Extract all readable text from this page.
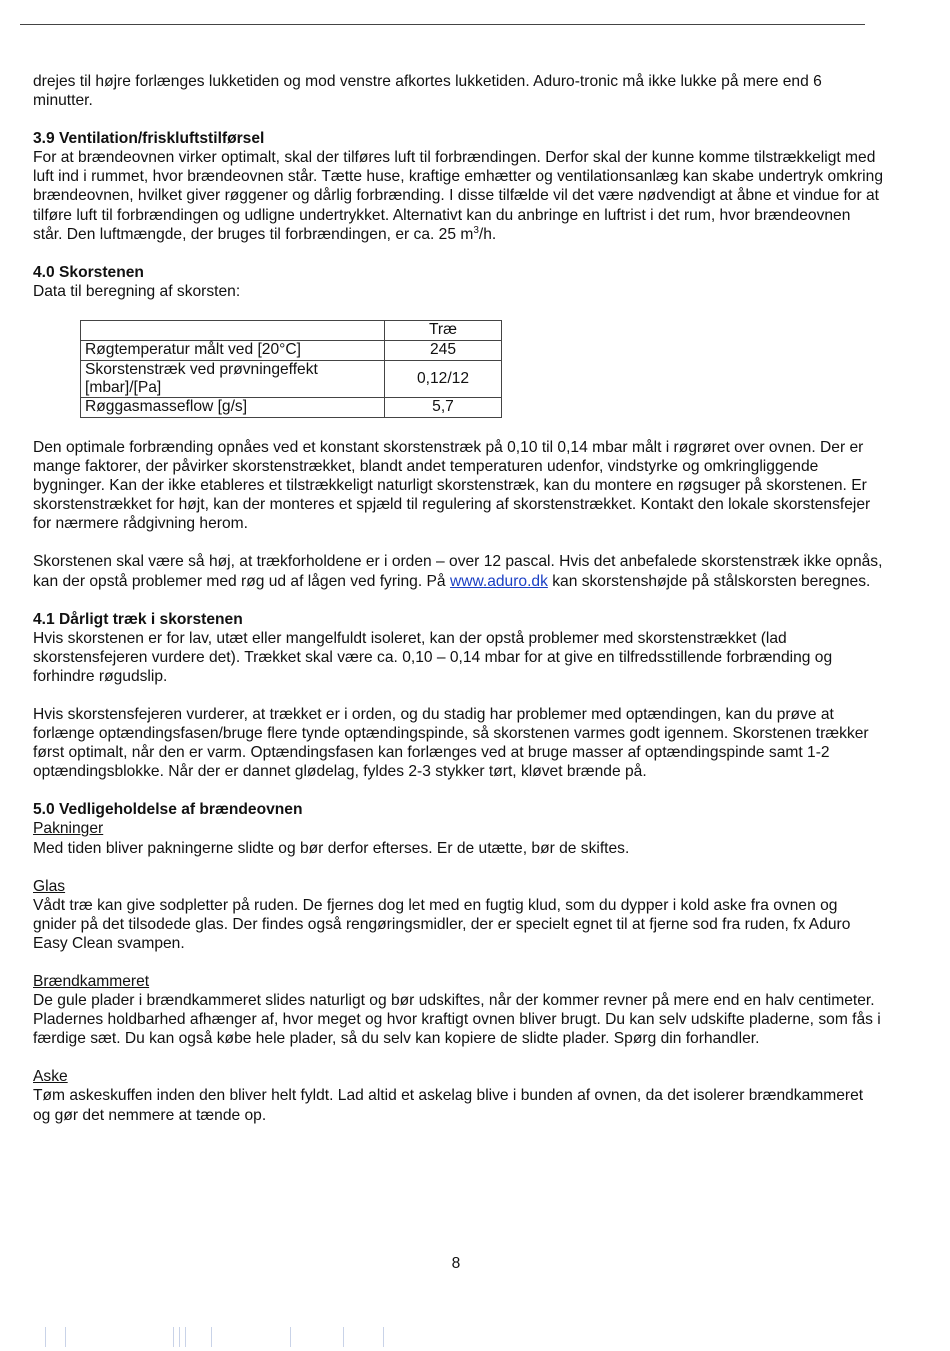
drejes til højre forlænges lukketiden og mod venstre afkortes lukketiden. Aduro-tronic må ikke lukke på mere end 6 minutter.

3.9 Ventilation/friskluftstilførsel

For at brændeovnen virker optimalt, skal der tilføres luft til forbrændingen. Derfor skal der kunne komme tilstrækkeligt med luft ind i rummet, hvor brændeovnen står. Tætte huse, kraftige emhætter og ventilationsanlæg kan skabe undertryk omkring brændeovnen, hvilket giver røggener og dårlig forbrænding. I disse tilfælde vil det være nødvendigt at åbne et vindue for at tilføre luft til forbrændingen og udligne undertrykket. Alternativt kan du anbringe en luftrist i det rum, hvor brændeovnen står. Den luftmængde, der bruges til forbrændingen, er ca. 25 $m^3/h$.

4.0 Skorstenen

Data til beregning af skorsten:

	Træ
Røgtemperatur målt ved [20°C]	245
Skorstenstræk ved prøvningeffekt [mbar]/[Pa]	0,12/12
Røggasmasseflow [g/s]	5,7

Den optimale forbrænding opnåes ved et konstant skorstenstræk på 0,10 til 0,14 mbar målt i røgrøret over ovnen. Der er mange faktorer, der påvirker skorstenstrækket, blandt andet temperaturen udenfor, vindstyrke og omkringliggende bygninger. Kan der ikke etableres et tilstrækkeligt naturligt skorstenstræk, kan du montere en røgsuger på skorstenen. Er skorstenstrækket for højt, kan der monteres et spjæld til regulering af skorstenstrækket. Kontakt den lokale skorstensfejer for nærmere rådgivning herom.

Skorstenen skal være så høj, at trækforholdene er i orden – over 12 pascal. Hvis det anbefalede skorstenstræk ikke opnås, kan der opstå problemer med røg ud af lågen ved fyring. På www.aduro.dk kan skorstenshøjde på stålskorsten beregnes.

4.1 Dårligt træk i skorstenen

Hvis skorstenen er for lav, utæt eller mangelfuldt isoleret, kan der opstå problemer med skorstenstrækket (lad skorstensfejeren vurdere det). Trækket skal være ca. 0,10 – 0,14 mbar for at give en tilfredsstillende forbrænding og forhindre røgudslip.

Hvis skorstensfejeren vurderer, at trækket er i orden, og du stadig har problemer med optændingen, kan du prøve at forlænge optændingsfasen/bruge flere tynde optændingspinde, så skorstenen varmes godt igennem. Skorstenen trækker først optimalt, når den er varm. Optændingsfasen kan forlænges ved at bruge masser af optændingspinde samt 1-2 optændingsblokke. Når der er dannet glødelag, fyldes 2-3 stykker tørt, kløvet brænde på.

5.0 Vedligeholdelse af brændeovnen
Pakninger

Med tiden bliver pakningerne slidte og bør derfor efterses. Er de utætte, bør de skiftes.

Glas

Vådt træ kan give sodpletter på ruden. De fjernes dog let med en fugtig klud, som du dypper i kold aske fra ovnen og gnider på det tilsodede glas. Der findes også rengøringsmidler, der er specielt egnet til at fjerne sod fra ruden, fx Aduro Easy Clean svampen.

Brændkammeret

De gule plader i brændkammeret slides naturligt og bør udskiftes, når der kommer revner på mere end en halv centimeter. Pladernes holdbarhed afhænger af, hvor meget og hvor kraftigt ovnen bliver brugt. Du kan selv udskifte pladerne, som fås i færdige sæt. Du kan også købe hele plader, så du selv kan kopiere de slidte plader. Spørg din forhandler.

Aske

Tøm askeskuffen inden den bliver helt fyldt. Lad altid et askelag blive i bunden af ovnen, da det isolerer brændkammeret og gør det nemmere at tænde op.

8
